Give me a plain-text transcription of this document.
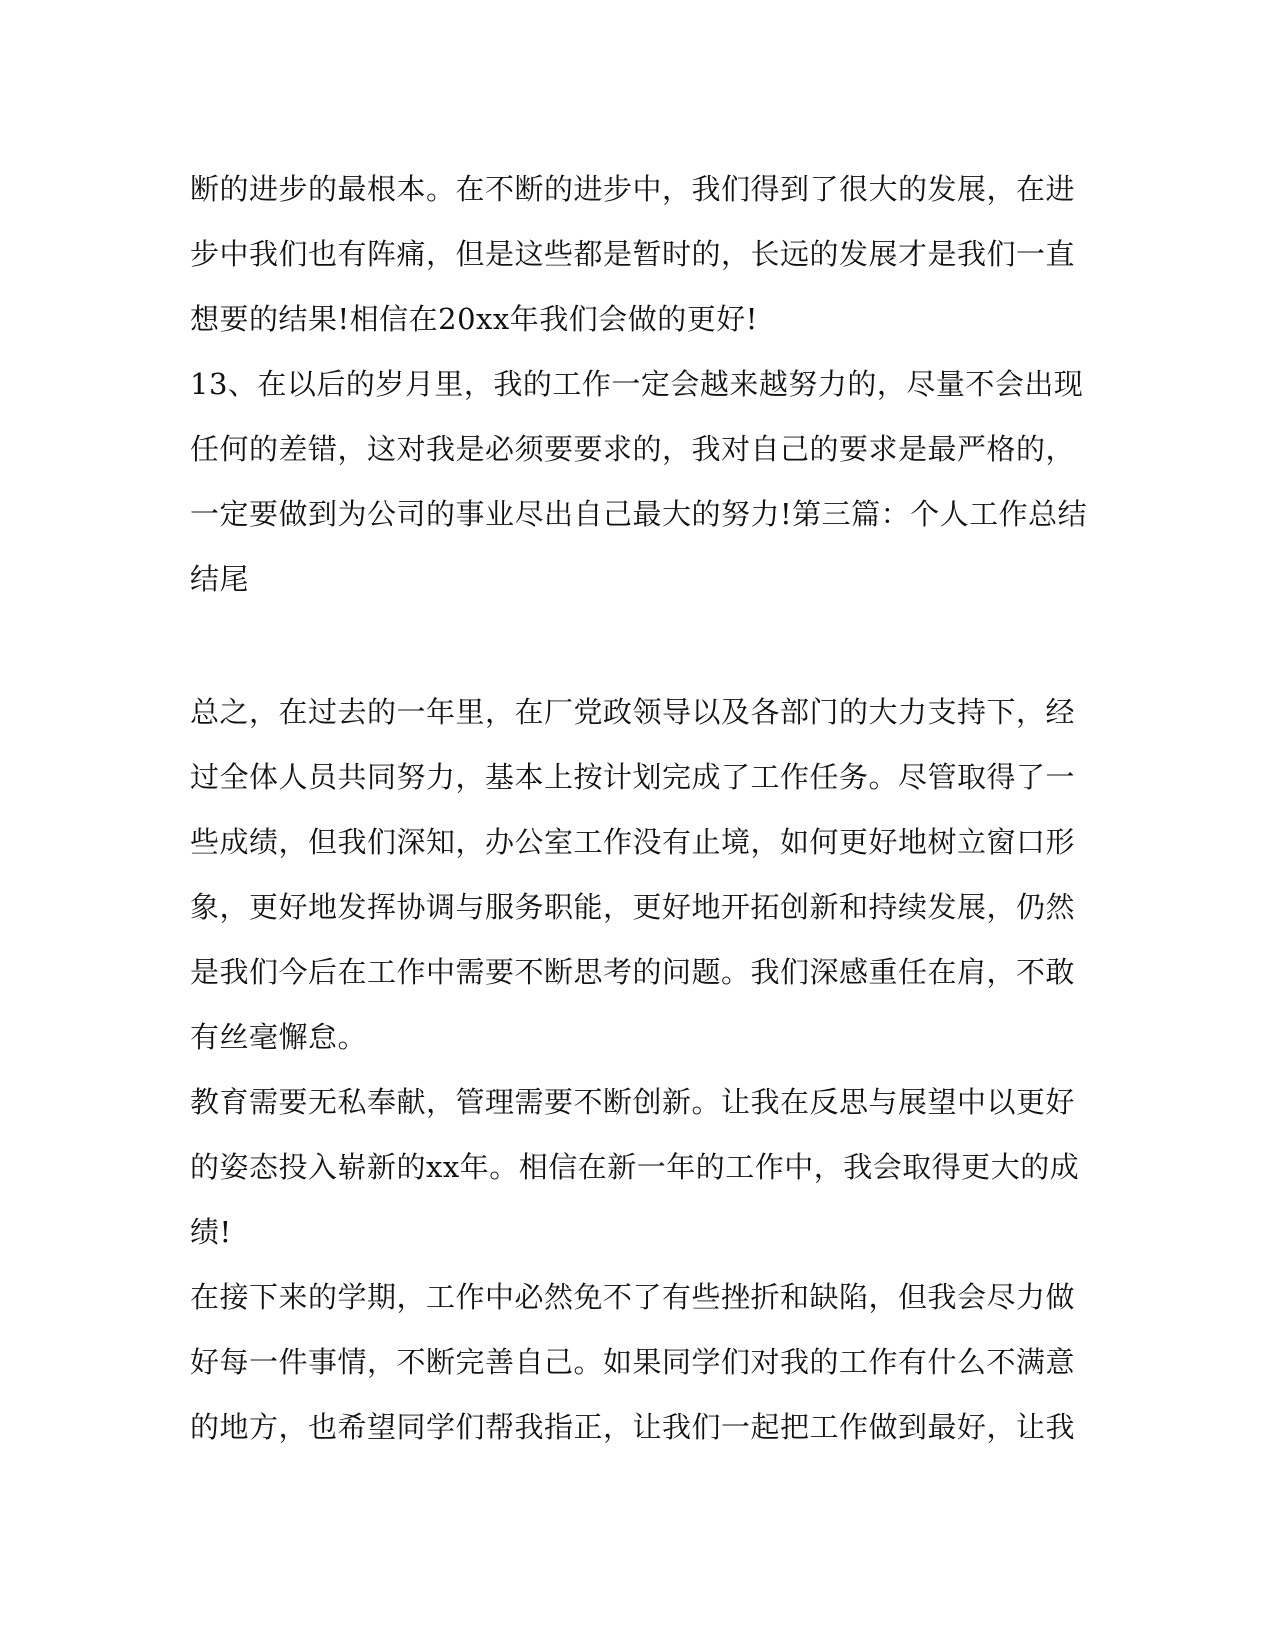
断的进步的最根本。在不断的进步中，我们得到了很大的发展，在进
步中我们也有阵痛，但是这些都是暂时的，长远的发展才是我们一直
想要的结果!相信在20xx年我们会做的更好!
13、在以后的岁月里，我的工作一定会越来越努力的，尽量不会出现
任何的差错，这对我是必须要要求的，我对自己的要求是最严格的，
一定要做到为公司的事业尽出自己最大的努力!第三篇：个人工作总结
结尾
总之，在过去的一年里，在厂党政领导以及各部门的大力支持下，经
过全体人员共同努力，基本上按计划完成了工作任务。尽管取得了一
些成绩，但我们深知，办公室工作没有止境，如何更好地树立窗口形
象，更好地发挥协调与服务职能，更好地开拓创新和持续发展，仍然
是我们今后在工作中需要不断思考的问题。我们深感重任在肩，不敢
有丝毫懈怠。
教育需要无私奉献，管理需要不断创新。让我在反思与展望中以更好
的姿态投入崭新的xx年。相信在新一年的工作中，我会取得更大的成
绩!
在接下来的学期，工作中必然免不了有些挫折和缺陷，但我会尽力做
好每一件事情，不断完善自己。如果同学们对我的工作有什么不满意
的地方，也希望同学们帮我指正，让我们一起把工作做到最好，让我
